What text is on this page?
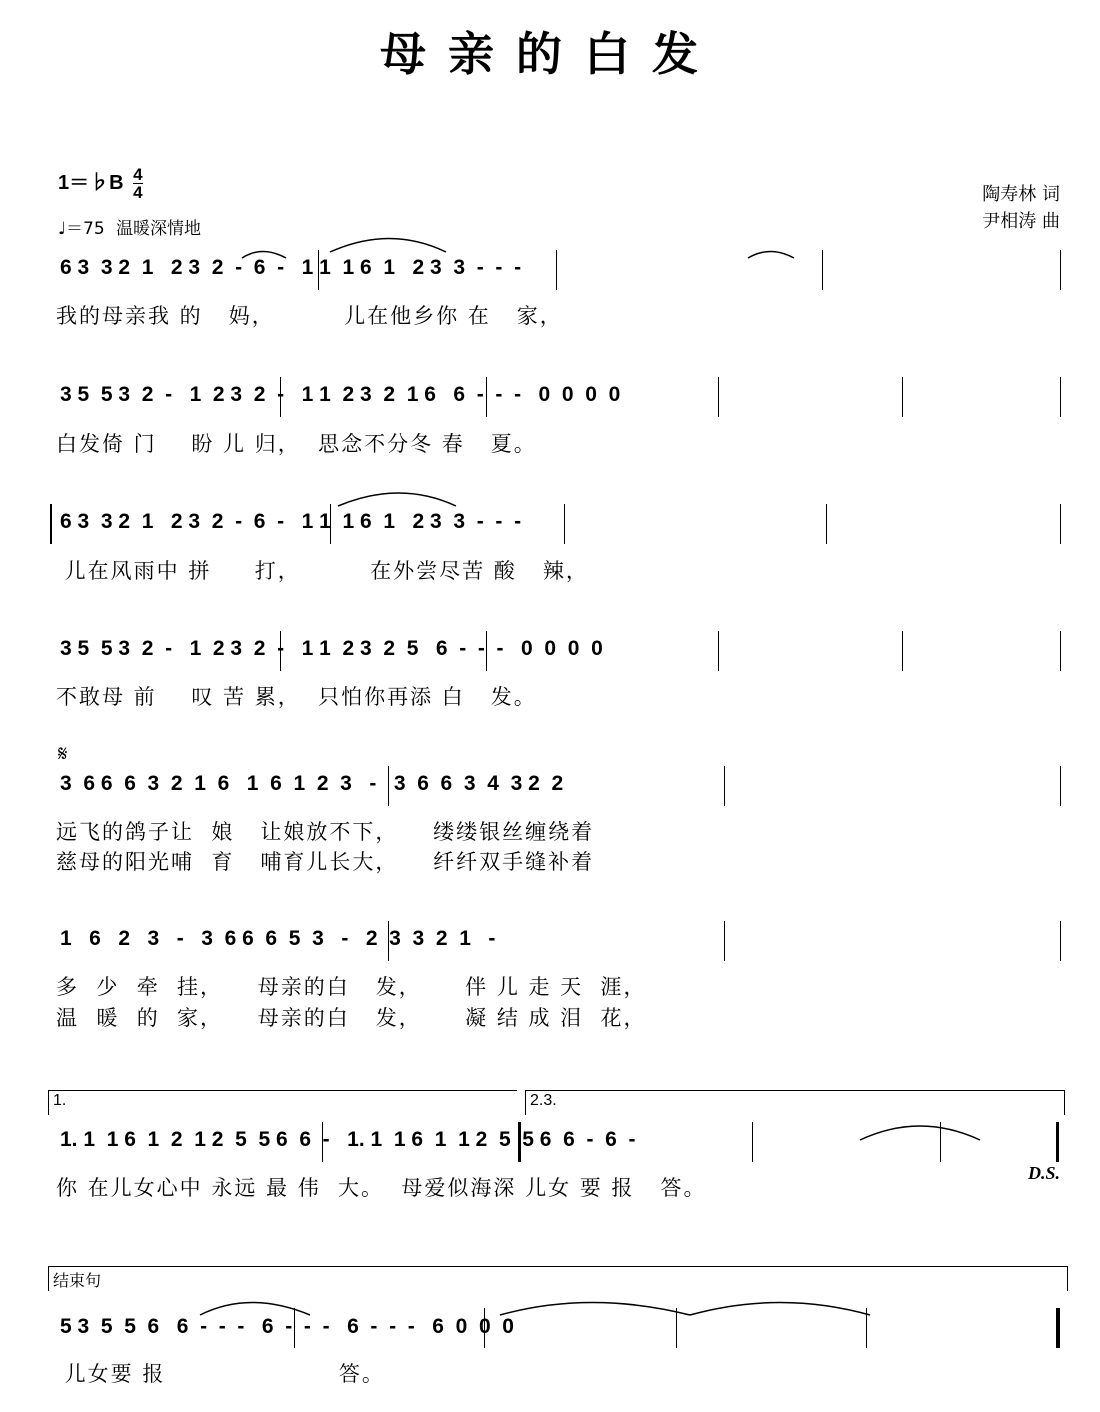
母亲的白发
1＝♭B $\frac{4}{4}$
♩＝75 温暖深情地
陶寿林 词
尹相涛 曲
6 3  3 2  1   2 3  2  -  6  -   1 1  1 6  1   2 3  3  -  -  -
我的母亲我 的   妈，        儿在他乡你 在   家，
3 5  5 3  2  -   1  2 3  2  -   1 1  2 3  2  1 6   6  -  -  -   0  0  0  0
白发倚 门    盼 儿 归，  思念不分冬 春   夏。
6 3  3 2  1   2 3  2  -  6  -   1 1  1 6  1   2 3  3  -  -  -
儿在风雨中 拼     打，        在外尝尽苦 酸   辣，
3 5  5 3  2  -   1  2 3  2  -   1 1  2 3  2  5   6  -  -  -   0  0  0  0
不敢母 前    叹 苦 累，  只怕你再添 白   发。
𝄋
3  6 6  6  3  2  1  6   1  6  1  2  3   -   3  6  6  3  4  3 2  2
远飞的鸽子让  娘   让娘放不下，    缕缕银丝缠绕着
慈母的阳光哺  育   哺育儿长大，    纤纤双手缝补着
1   6   2   3   -   3  6 6  6  5  3   -   2  3  3  2  1   -
多  少  牵  挂，    母亲的白   发，     伴 儿 走 天  涯，
温  暖  的  家，    母亲的白   发，     凝 结 成 泪  花，
1.	2.3.
1. 1  1 6  1  2  1 2  5  5 6  6  -   1. 1  1 6  1  1 2  5  5 6  6  -  6  -
你 在儿女心中 永远 最 伟  大。  母爱似海深 儿女 要 报   答。
D.S.
结束句
5 3  5  5  6   6  -  -  -   6  -  -  -   6  -  -  -   6  0  0  0
儿女要 报                    答。
